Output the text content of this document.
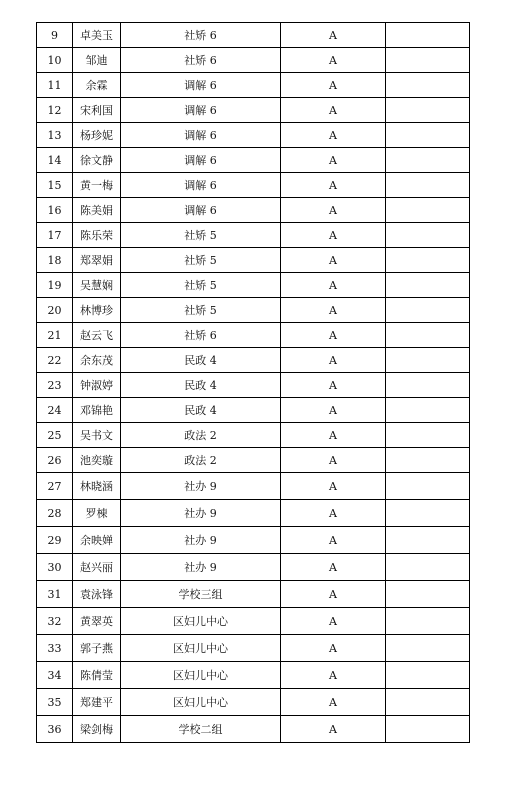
9	卓美玉	社矫 6	A	
10	邹迪	社矫 6	A	
11	余霖	调解 6	A	
12	宋利国	调解 6	A	
13	杨珍妮	调解 6	A	
14	徐文静	调解 6	A	
15	黄一梅	调解 6	A	
16	陈美娟	调解 6	A	
17	陈乐荣	社矫 5	A	
18	郑翠娟	社矫 5	A	
19	吴慧娴	社矫 5	A	
20	林博珍	社矫 5	A	
21	赵云飞	社矫 6	A	
22	余东茂	民政 4	A	
23	钟淑婷	民政 4	A	
24	邓锦艳	民政 4	A	
25	吴书文	政法 2	A	
26	池奕璇	政法 2	A	
27	林晓涵	社办 9	A	
28	罗棟	社办 9	A	
29	余映婵	社办 9	A	
30	赵兴丽	社办 9	A	
31	袁泳锋	学校三组	A	
32	黄翠英	区妇儿中心	A	
33	郭子燕	区妇儿中心	A	
34	陈倩莹	区妇儿中心	A	
35	郑建平	区妇儿中心	A	
36	梁剑梅	学校二组	A	
